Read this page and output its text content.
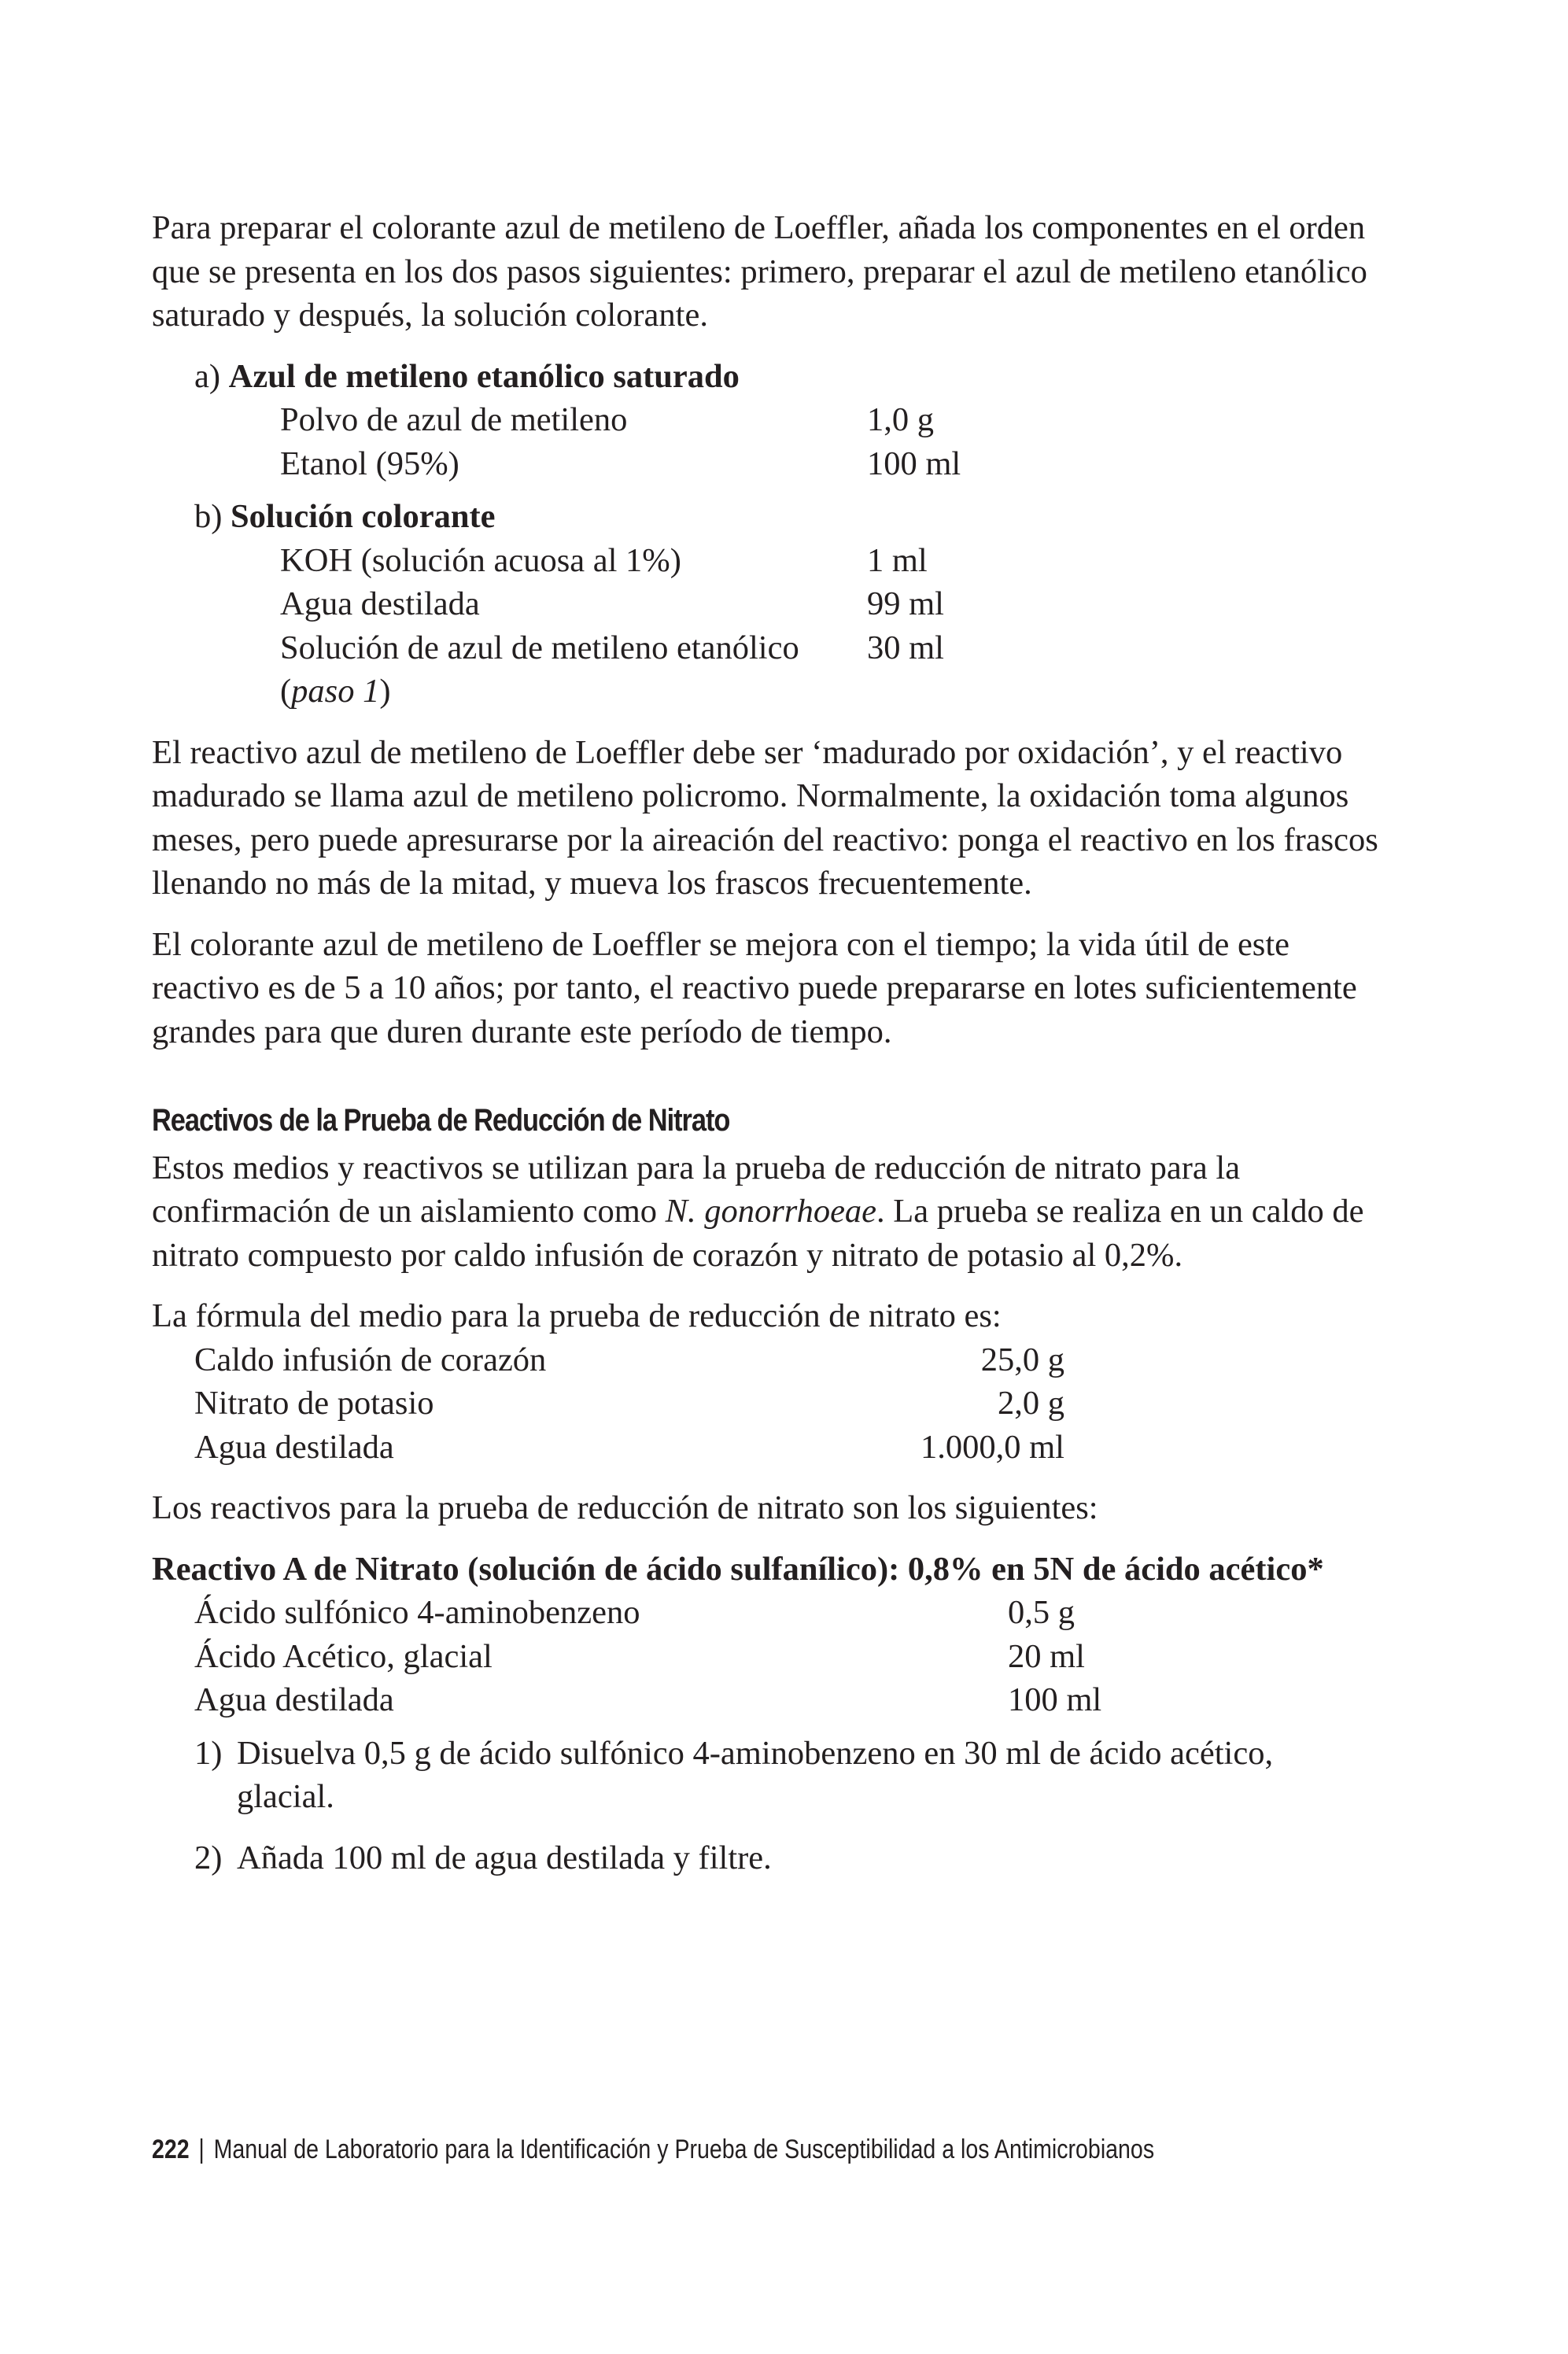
Para preparar el colorante azul de metileno de Loeffler, añada los componentes en el orden que se presenta en los dos pasos siguientes: primero, preparar el azul de metileno etanólico saturado y después, la solución colorante.

a) Azul de metileno etanólico saturado
Polvo de azul de metileno	1,0 g
Etanol (95%)	100 ml
b) Solución colorante
KOH (solución acuosa al 1%)	1 ml
Agua destilada	99 ml
Solución de azul de metileno etanólico	30 ml
(paso 1)

El reactivo azul de metileno de Loeffler debe ser ‘madurado por oxidación’, y el reactivo madurado se llama azul de metileno policromo. Normalmente, la oxidación toma algunos meses, pero puede apresurarse por la aireación del reactivo: ponga el reactivo en los frascos llenando no más de la mitad, y mueva los frascos frecuentemente.

El colorante azul de metileno de Loeffler se mejora con el tiempo; la vida útil de este reactivo es de 5 a 10 años; por tanto, el reactivo puede prepararse en lotes suficientemente grandes para que duren durante este período de tiempo.

Reactivos de la Prueba de Reducción de Nitrato

Estos medios y reactivos se utilizan para la prueba de reducción de nitrato para la confirmación de un aislamiento como N. gonorrhoeae. La prueba se realiza en un caldo de nitrato compuesto por caldo infusión de corazón y nitrato de potasio al 0,2%.

La fórmula del medio para la prueba de reducción de nitrato es:

Caldo infusión de corazón	25,0 g
Nitrato de potasio	2,0 g
Agua destilada	1.000,0 ml

Los reactivos para la prueba de reducción de nitrato son los siguientes:

Reactivo A de Nitrato (solución de ácido sulfanílico): 0,8% en 5N de ácido acético*

Ácido sulfónico 4-aminobenzeno	0,5 g
Ácido Acético, glacial	20 ml
Agua destilada	100 ml
1) Disuelva 0,5 g de ácido sulfónico 4-aminobenzeno en 30 ml de ácido acético, glacial.
2) Añada 100 ml de agua destilada y filtre.
222 | Manual de Laboratorio para la Identificación y Prueba de Susceptibilidad a los Antimicrobianos
